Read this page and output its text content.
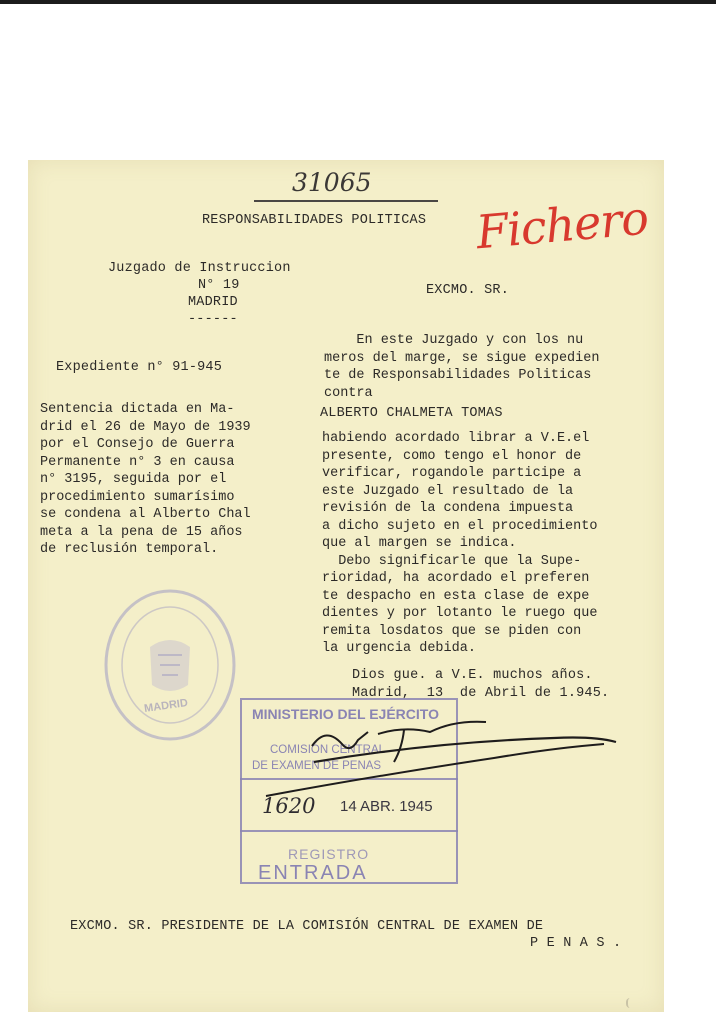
31065
Fichero
RESPONSABILIDADES POLITICAS
Juzgado de Instruccion
N° 19
MADRID
------
EXCMO. SR.
Expediente n° 91-945
Sentencia dictada en Ma-
drid el 26 de Mayo de 1939
por el Consejo de Guerra
Permanente n° 3 en causa
n° 3195, seguida por el
procedimiento sumarísimo
se condena al Alberto Chal
meta a la pena de 15 años
de reclusión temporal.
En este Juzgado y con los nu
meros del marge, se sigue expedien
te de Responsabilidades Politicas
contra
ALBERTO CHALMETA TOMAS
habiendo acordado librar a V.E.el
presente, como tengo el honor de
verificar, rogandole participe a
este Juzgado el resultado de la
revisión de la condena impuesta
a dicho sujeto en el procedimiento
que al margen se indica.
Debo significarle que la Supe-
rioridad, ha acordado el preferen
te despacho en esta clase de expe
dientes y por lotanto le ruego que
remita losdatos que se piden con
la urgencia debida.
Dios gue. a V.E. muchos años.
Madrid,  13  de Abril de 1.945.
MADRID	MINISTERIO DEL EJÉRCITO
COMISIÓN CENTRAL
DE EXAMEN DE PENAS
1620 14 ABR. 1945
REGISTRO
ENTRADA
EXCMO. SR. PRESIDENTE DE LA COMISIÓN CENTRAL DE EXAMEN DE
P E N A S .
